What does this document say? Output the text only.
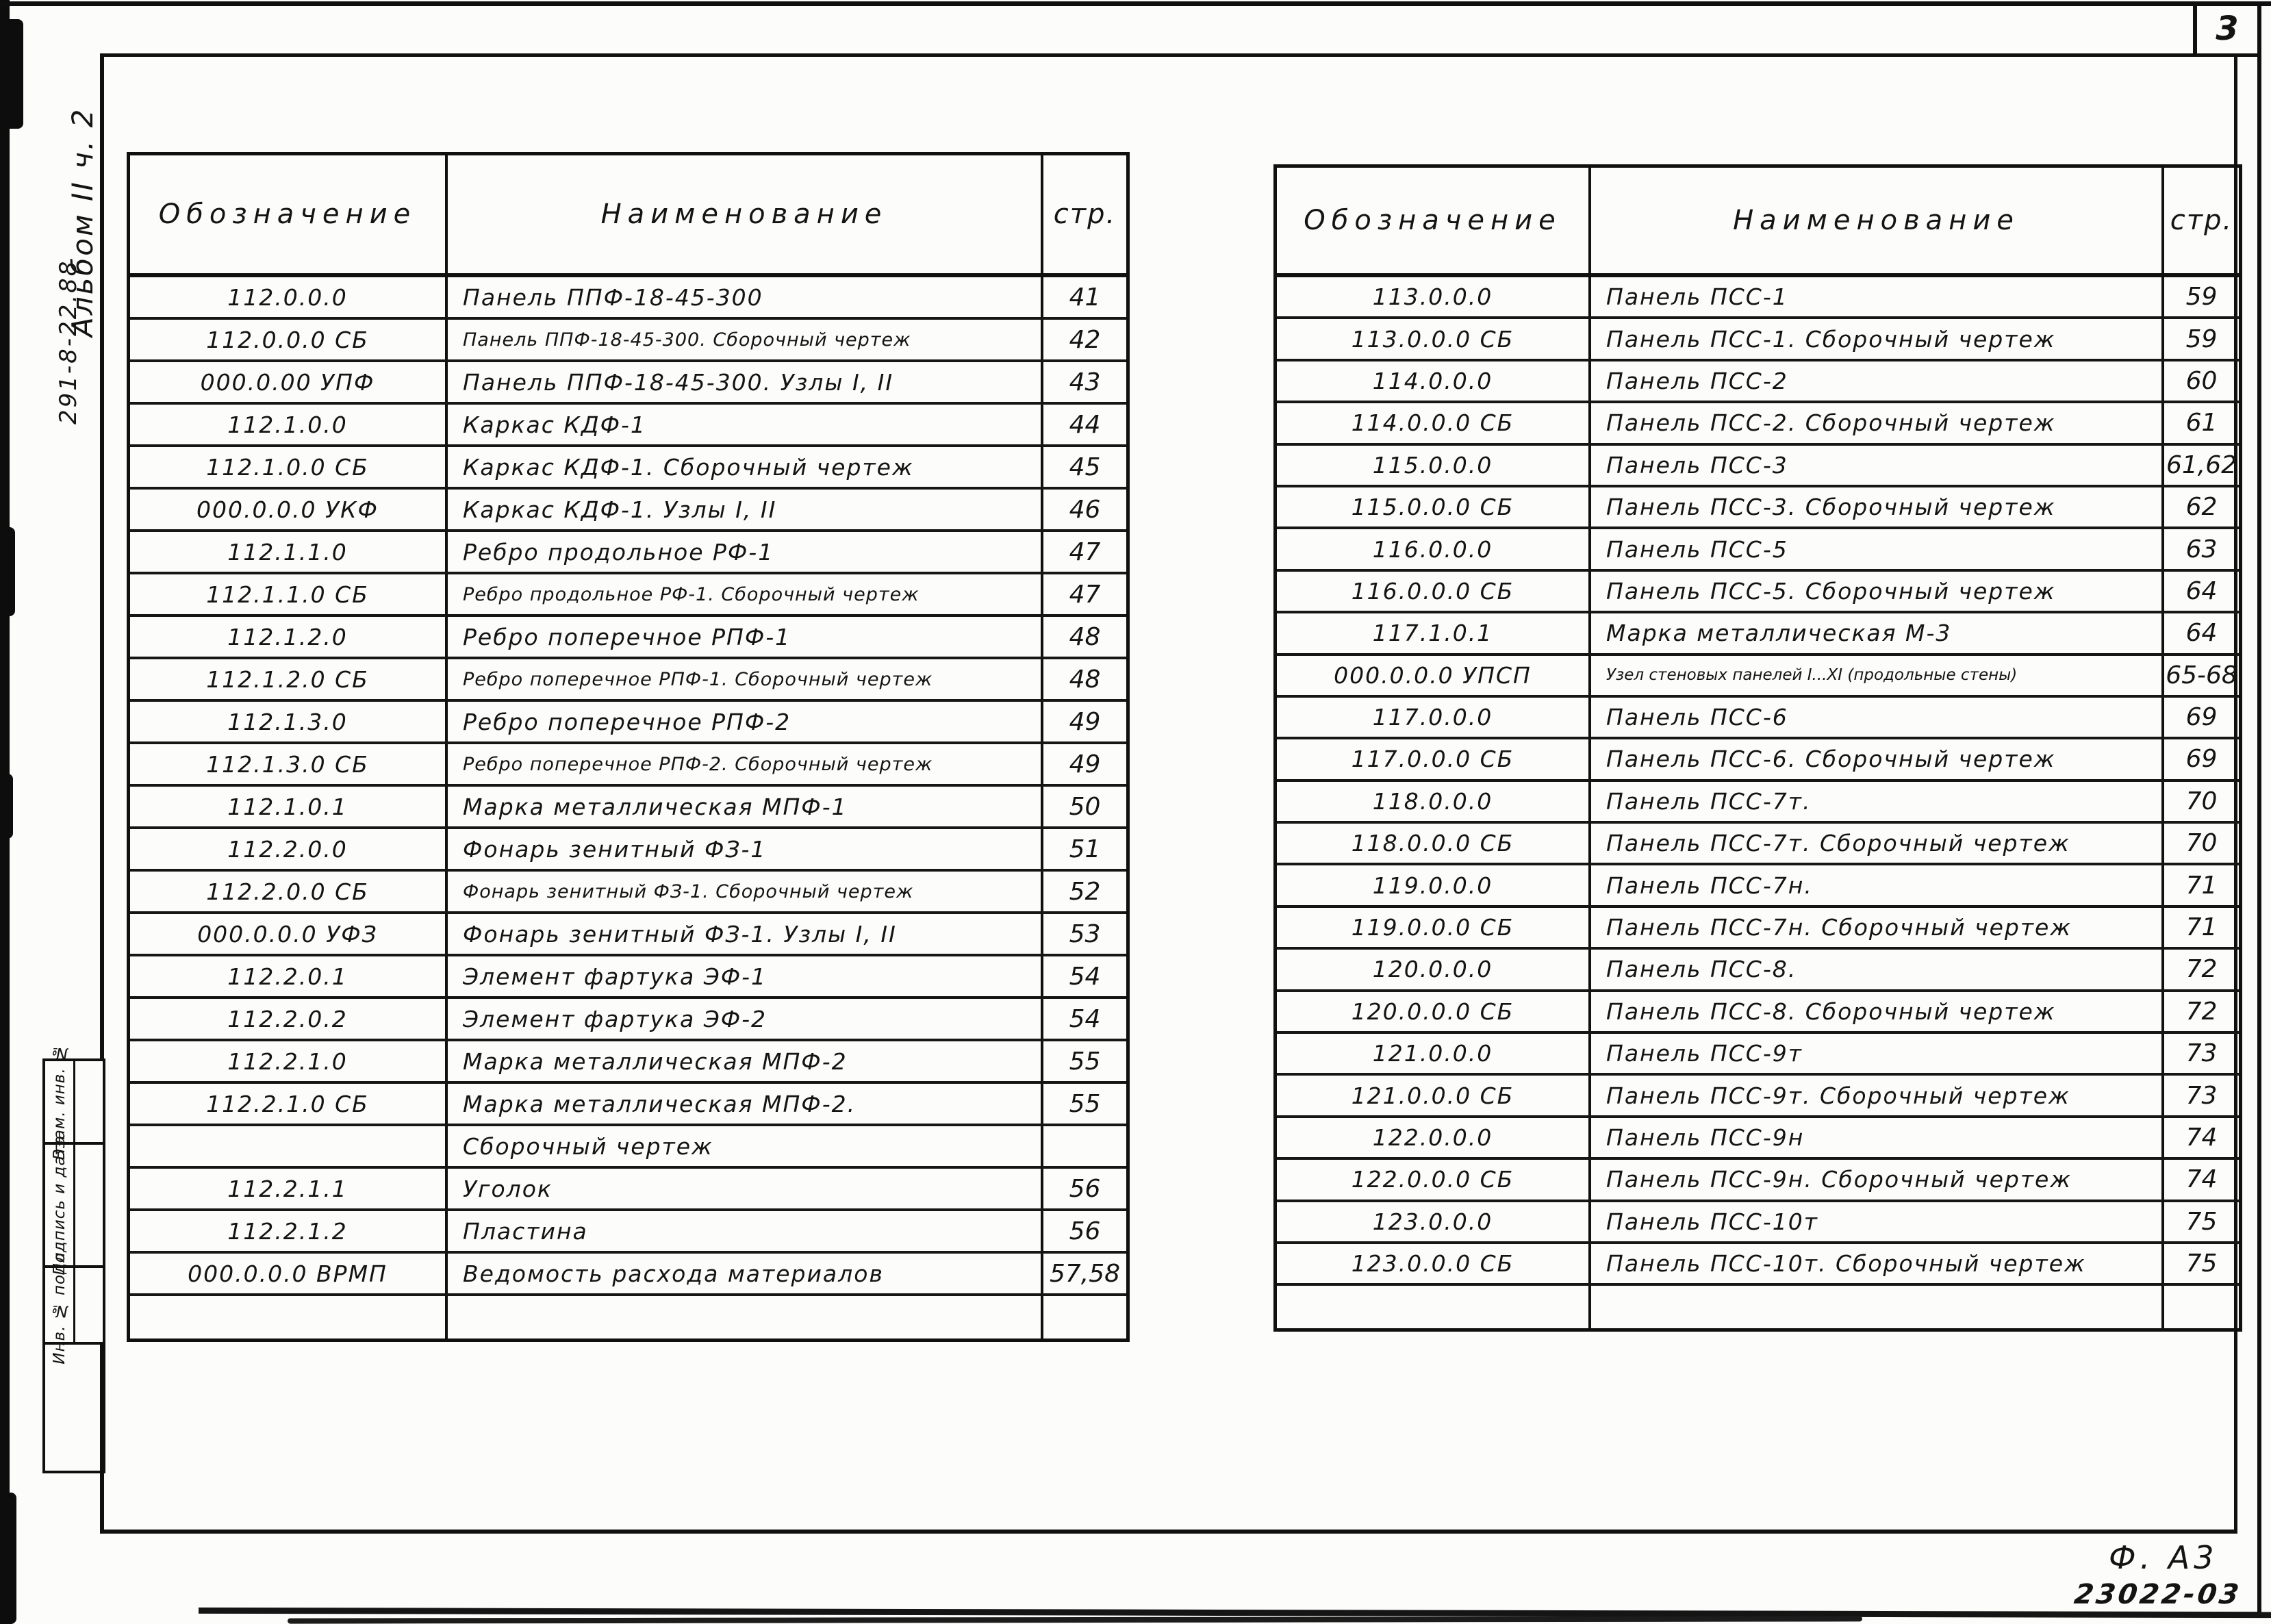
3
Альбом II ч. 2
291-8-22.88
Взам. инв. №
Подпись и дата
Инв. № подл.
Обозначение	Наименование	стр.
112.0.0.0	Панель ППФ-18-45-300	41
112.0.0.0 СБ	Панель ППФ-18-45-300. Сборочный чертеж	42
000.0.00 УПФ	Панель ППФ-18-45-300. Узлы I, II	43
112.1.0.0	Каркас КДФ-1	44
112.1.0.0 СБ	Каркас КДФ-1. Сборочный чертеж	45
000.0.0.0 УКФ	Каркас КДФ-1. Узлы I, II	46
112.1.1.0	Ребро продольное РФ-1	47
112.1.1.0 СБ	Ребро продольное РФ-1. Сборочный чертеж	47
112.1.2.0	Ребро поперечное РПФ-1	48
112.1.2.0 СБ	Ребро поперечное РПФ-1. Сборочный чертеж	48
112.1.3.0	Ребро поперечное РПФ-2	49
112.1.3.0 СБ	Ребро поперечное РПФ-2. Сборочный чертеж	49
112.1.0.1	Марка металлическая МПФ-1	50
112.2.0.0	Фонарь зенитный ФЗ-1	51
112.2.0.0 СБ	Фонарь зенитный ФЗ-1. Сборочный чертеж	52
000.0.0.0 УФЗ	Фонарь зенитный ФЗ-1. Узлы I, II	53
112.2.0.1	Элемент фартука ЭФ-1	54
112.2.0.2	Элемент фартука ЭФ-2	54
112.2.1.0	Марка металлическая МПФ-2	55
112.2.1.0 СБ	Марка металлическая МПФ-2.	55
Сборочный чертеж
112.2.1.1	Уголок	56
112.2.1.2	Пластина	56
000.0.0.0 ВРМП	Ведомость расхода материалов	57,58
Обозначение	Наименование	стр.
113.0.0.0	Панель ПСС-1	59
113.0.0.0 СБ	Панель ПСС-1. Сборочный чертеж	59
114.0.0.0	Панель ПСС-2	60
114.0.0.0 СБ	Панель ПСС-2. Сборочный чертеж	61
115.0.0.0	Панель ПСС-3	61,62
115.0.0.0 СБ	Панель ПСС-3. Сборочный чертеж	62
116.0.0.0	Панель ПСС-5	63
116.0.0.0 СБ	Панель ПСС-5. Сборочный чертеж	64
117.1.0.1	Марка металлическая М-3	64
000.0.0.0 УПСП	Узел стеновых панелей I...XI (продольные стены)	65-68
117.0.0.0	Панель ПСС-6	69
117.0.0.0 СБ	Панель ПСС-6. Сборочный чертеж	69
118.0.0.0	Панель ПСС-7т.	70
118.0.0.0 СБ	Панель ПСС-7т. Сборочный чертеж	70
119.0.0.0	Панель ПСС-7н.	71
119.0.0.0 СБ	Панель ПСС-7н. Сборочный чертеж	71
120.0.0.0	Панель ПСС-8.	72
120.0.0.0 СБ	Панель ПСС-8. Сборочный чертеж	72
121.0.0.0	Панель ПСС-9т	73
121.0.0.0 СБ	Панель ПСС-9т. Сборочный чертеж	73
122.0.0.0	Панель ПСС-9н	74
122.0.0.0 СБ	Панель ПСС-9н. Сборочный чертеж	74
123.0.0.0	Панель ПСС-10т	75
123.0.0.0 СБ	Панель ПСС-10т. Сборочный чертеж	75
Ф. А3
23022-03
